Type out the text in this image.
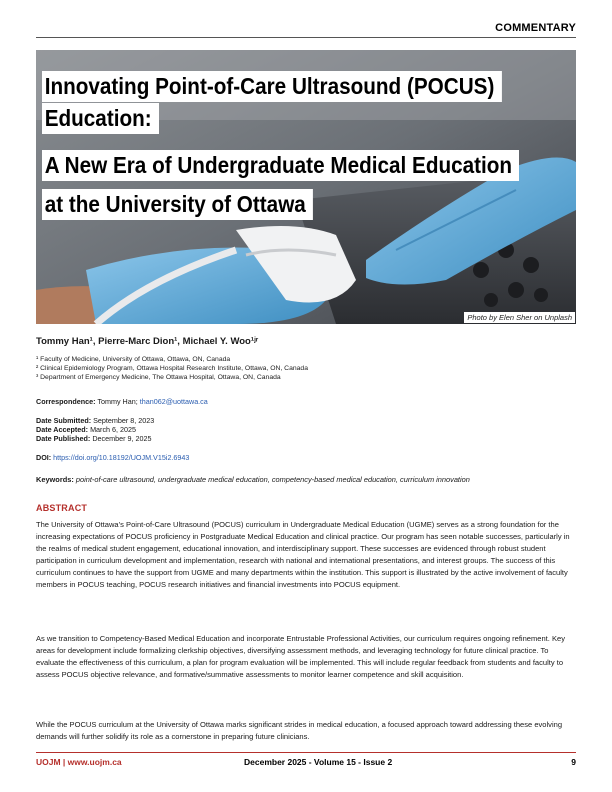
COMMENTARY
Innovating Point-of-Care Ultrasound (POCUS)
Education:
A New Era of Undergraduate Medical Education
at the University of Ottawa
Photo by Elen Sher on Unplash
Tommy Han¹, Pierre-Marc Dion¹, Michael Y. Woo¹ʲʳ
¹ Faculty of Medicine, University of Ottawa, Ottawa, ON, Canada
² Clinical Epidemiology Program, Ottawa Hospital Research Institute, Ottawa, ON, Canada
³ Department of Emergency Medicine, The Ottawa Hospital, Ottawa, ON, Canada
Correspondence: Tommy Han; than062@uottawa.ca
Date Submitted: September 8, 2023
Date Accepted: March 6, 2025
Date Published: December 9, 2025
DOI: https://doi.org/10.18192/UOJM.V15i2.6943
Keywords: point-of-care ultrasound, undergraduate medical education, competency-based medical education, curriculum innovation
ABSTRACT

The University of Ottawa’s Point-of-Care Ultrasound (POCUS) curriculum in Undergraduate Medical Education (UGME) serves as a strong foundation for the increasing expectations of POCUS proficiency in Postgraduate Medical Education and clinical practice. Our program has seen notable successes, particularly in the realms of medical student engagement, educational innovation, and interdisciplinary support. These successes are evidenced through robust student participation in curriculum development and implementation, research with national and international presentations, and interest groups. The success of this curriculum continues to have the support from UGME and many departments within the institution. This support is illustrated by the active involvement of faculty members in POCUS teaching, POCUS research initiatives and financial investments into POCUS equipment.

As we transition to Competency-Based Medical Education and incorporate Entrustable Professional Activities, our curriculum requires ongoing refinement. Key areas for development include formalizing clerkship objectives, diversifying assessment methods, and leveraging technology for future clinical practice. To evaluate the effectiveness of this curriculum, a plan for program evaluation will be implemented. This will include regular feedback from students and faculty to assess POCUS objective relevance, and formative/summative assessments to monitor learner competence and skill acquisition.

While the POCUS curriculum at the University of Ottawa marks significant strides in medical education, a focused approach toward addressing these evolving demands will further solidify its role as a cornerstone in preparing future clinicians.

UOJM | www.uojm.ca	December 2025 - Volume 15 - Issue 2	9
